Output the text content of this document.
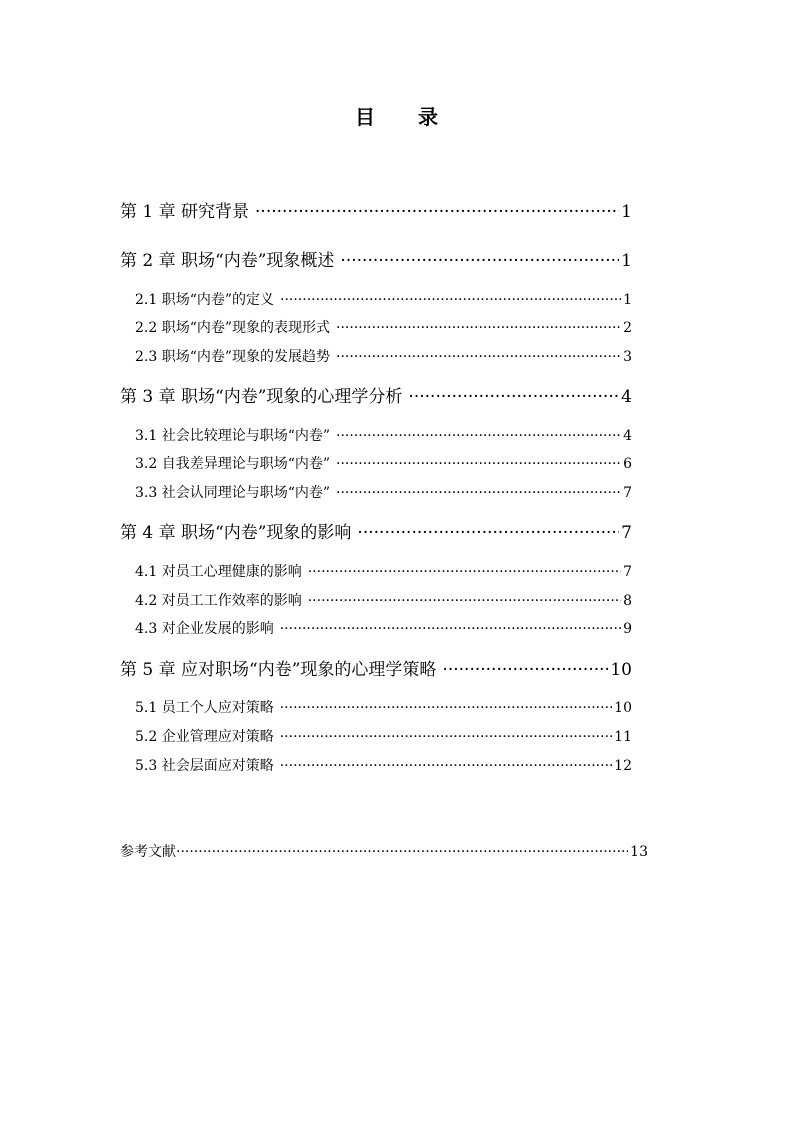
目 录
第 1 章 研究背景 ·····	1
第 2 章 职场“内卷”现象概述 ·····	1
2.1 职场“内卷”的定义 ·····	1
2.2 职场“内卷”现象的表现形式 ·····	2
2.3 职场“内卷”现象的发展趋势 ·····	3
第 3 章 职场“内卷”现象的心理学分析 ·····	4
3.1 社会比较理论与职场“内卷” ·····	4
3.2 自我差异理论与职场“内卷” ·····	6
3.3 社会认同理论与职场“内卷” ·····	7
第 4 章 职场“内卷”现象的影响 ·····	7
4.1 对员工心理健康的影响 ·····	7
4.2 对员工工作效率的影响 ·····	8
4.3 对企业发展的影响 ·····	9
第 5 章 应对职场“内卷”现象的心理学策略 ·····	10
5.1 员工个人应对策略 ·····	10
5.2 企业管理应对策略 ·····	11
5.3 社会层面应对策略 ·····	12
参考文献 ·····	13
